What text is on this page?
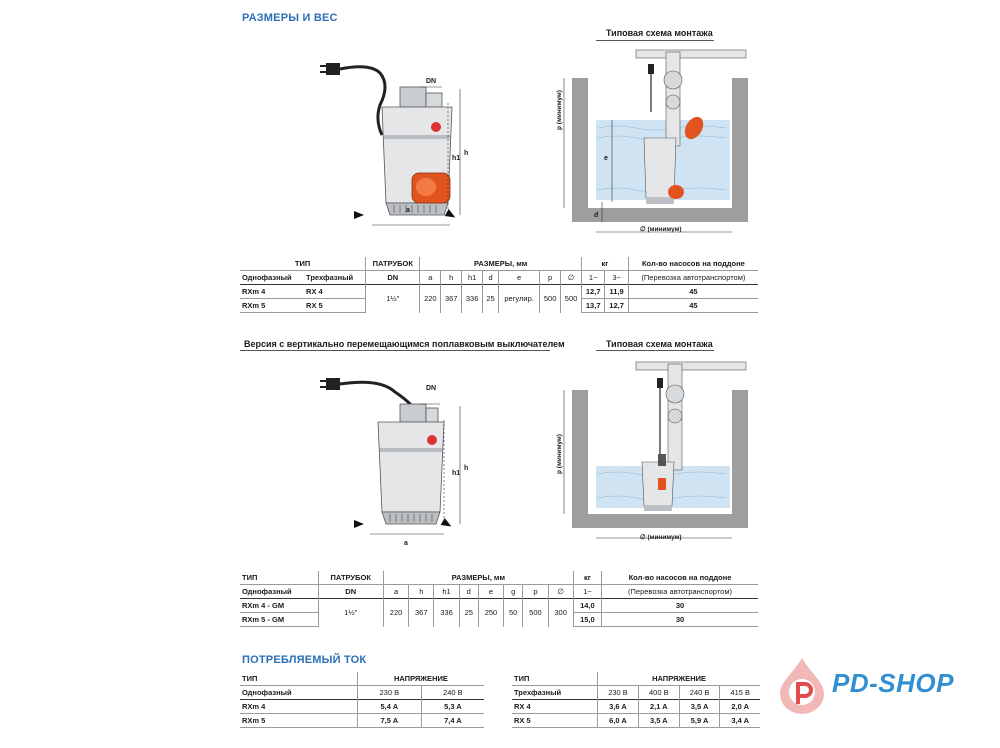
РАЗМЕРЫ И ВЕС
Типовая схема монтажа
DN
h
h1
a
p (минимум)
e
d
∅ (минимум)
ТИП		ПАТРУБОК	РАЗМЕРЫ, мм							кг		Кол-во насосов на поддоне
Однофазный	Трехфазный	DN	a	h	h1	d	e	p	∅	1~	3~	(Перевозка автотранспортом)
RXm 4	RX 4	1½"	220	367	336	25	регулир.	500	500	12,7	11,9	45
RXm 5	RX 5									13,7	12,7	45
Версия с вертикально перемещающимся поплавковым выключателем	Типовая схема монтажа
DN
h
h1
a
p (минимум)
∅ (минимум)
ТИП	ПАТРУБОК	РАЗМЕРЫ, мм								кг	Кол-во насосов на поддоне
Однофазный	DN	a	h	h1	d	e	g	p	∅	1~	(Перевозка автотранспортом)
RXm 4 - GM	1½"	220	367	336	25	250	50	500	300	14,0	30
RXm 5 - GM										15,0	30
ПОТРЕБЛЯЕМЫЙ ТОК
ТИП	НАПРЯЖЕНИЕ	
Однофазный	230 В	240 В
RXm 4	5,4 A	5,3 A
RXm 5	7,5 A	7,4 A
ТИП	НАПРЯЖЕНИЕ			
Трехфазный	230 В	400 В	240 В	415 В
RX 4	3,6 A	2,1 A	3,5 A	2,0 A
RX 5	6,0 A	3,5 A	5,9 A	3,4 A
PD-SHOP
